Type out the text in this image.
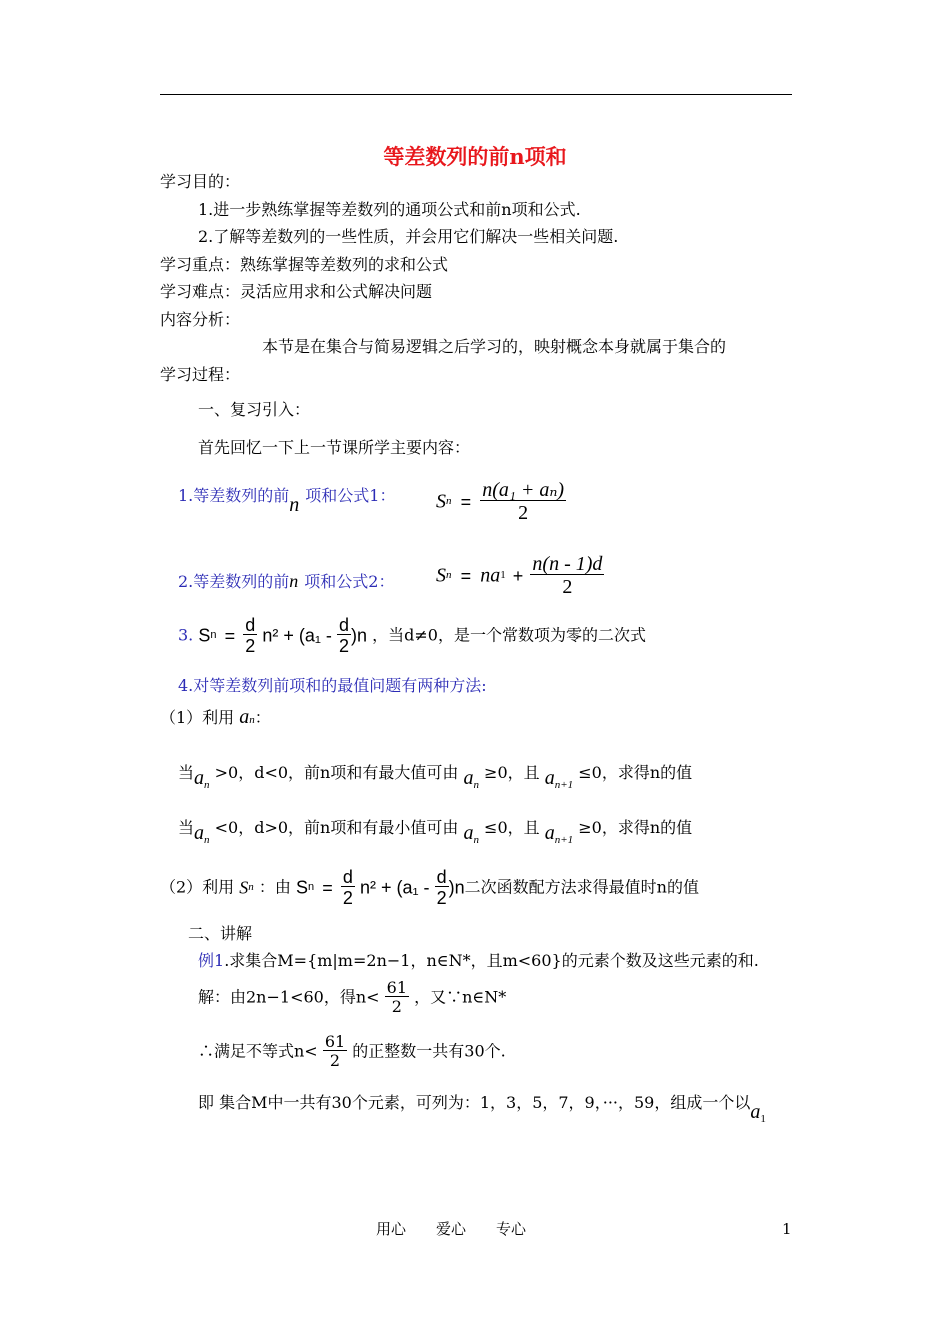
等差数列的前n项和
学习目的：
1.进一步熟练掌握等差数列的通项公式和前n项和公式.
2.了解等差数列的一些性质，并会用它们解决一些相关问题.
学习重点：熟练掌握等差数列的求和公式
学习难点：灵活应用求和公式解决问题
内容分析：
本节是在集合与简易逻辑之后学习的，映射概念本身就属于集合的
学习过程：
一、复习引入：
首先回忆一下上一节课所学主要内容：
1.等差数列的前n 项和公式1： $Sn = \frac{\text{n(a₁ + aₙ)}}{2}$
2.等差数列的前n 项和公式2： $Sn = na1 + \frac{n(n - 1)d}{2}$
3. $Sn = \frac{d}{2} n^2 + (a_1 - \frac{d}{2} )n$ ，当d≠0，是一个常数项为零的二次式
4.对等差数列前项和的最值问题有两种方法:
（1）利用 an：
当$a_n >0$，d<0，前n项和有最大值可由 $a_n \ge 0$，且 $a_{n+1} \le 0$，求得n的值
当$a_n <0$，d>0，前n项和有最小值可由 $a_n \le 0$，且 $a_{n+1} \ge 0$，求得n的值
（2）利用 Sn ：由 $Sn = \frac{d}{2} n^2 + (a_1 - \frac{d}{2} )n$二次函数配方法求得最值时n的值
二、讲解
例1.求集合M={m|m=2n−1，n∈N*，且m<60}的元素个数及这些元素的和.
解：由2n−1<60，得$n< \frac{61}{2}$ ，又∵n∈N*
∴满足不等式$n< \frac{61}{2}$ 的正整数一共有30个.
即 集合M中一共有30个元素，可列为：1，3，5，7，9，···，59，组成一个以$a_1$
用心　　爱心　　专心	1
